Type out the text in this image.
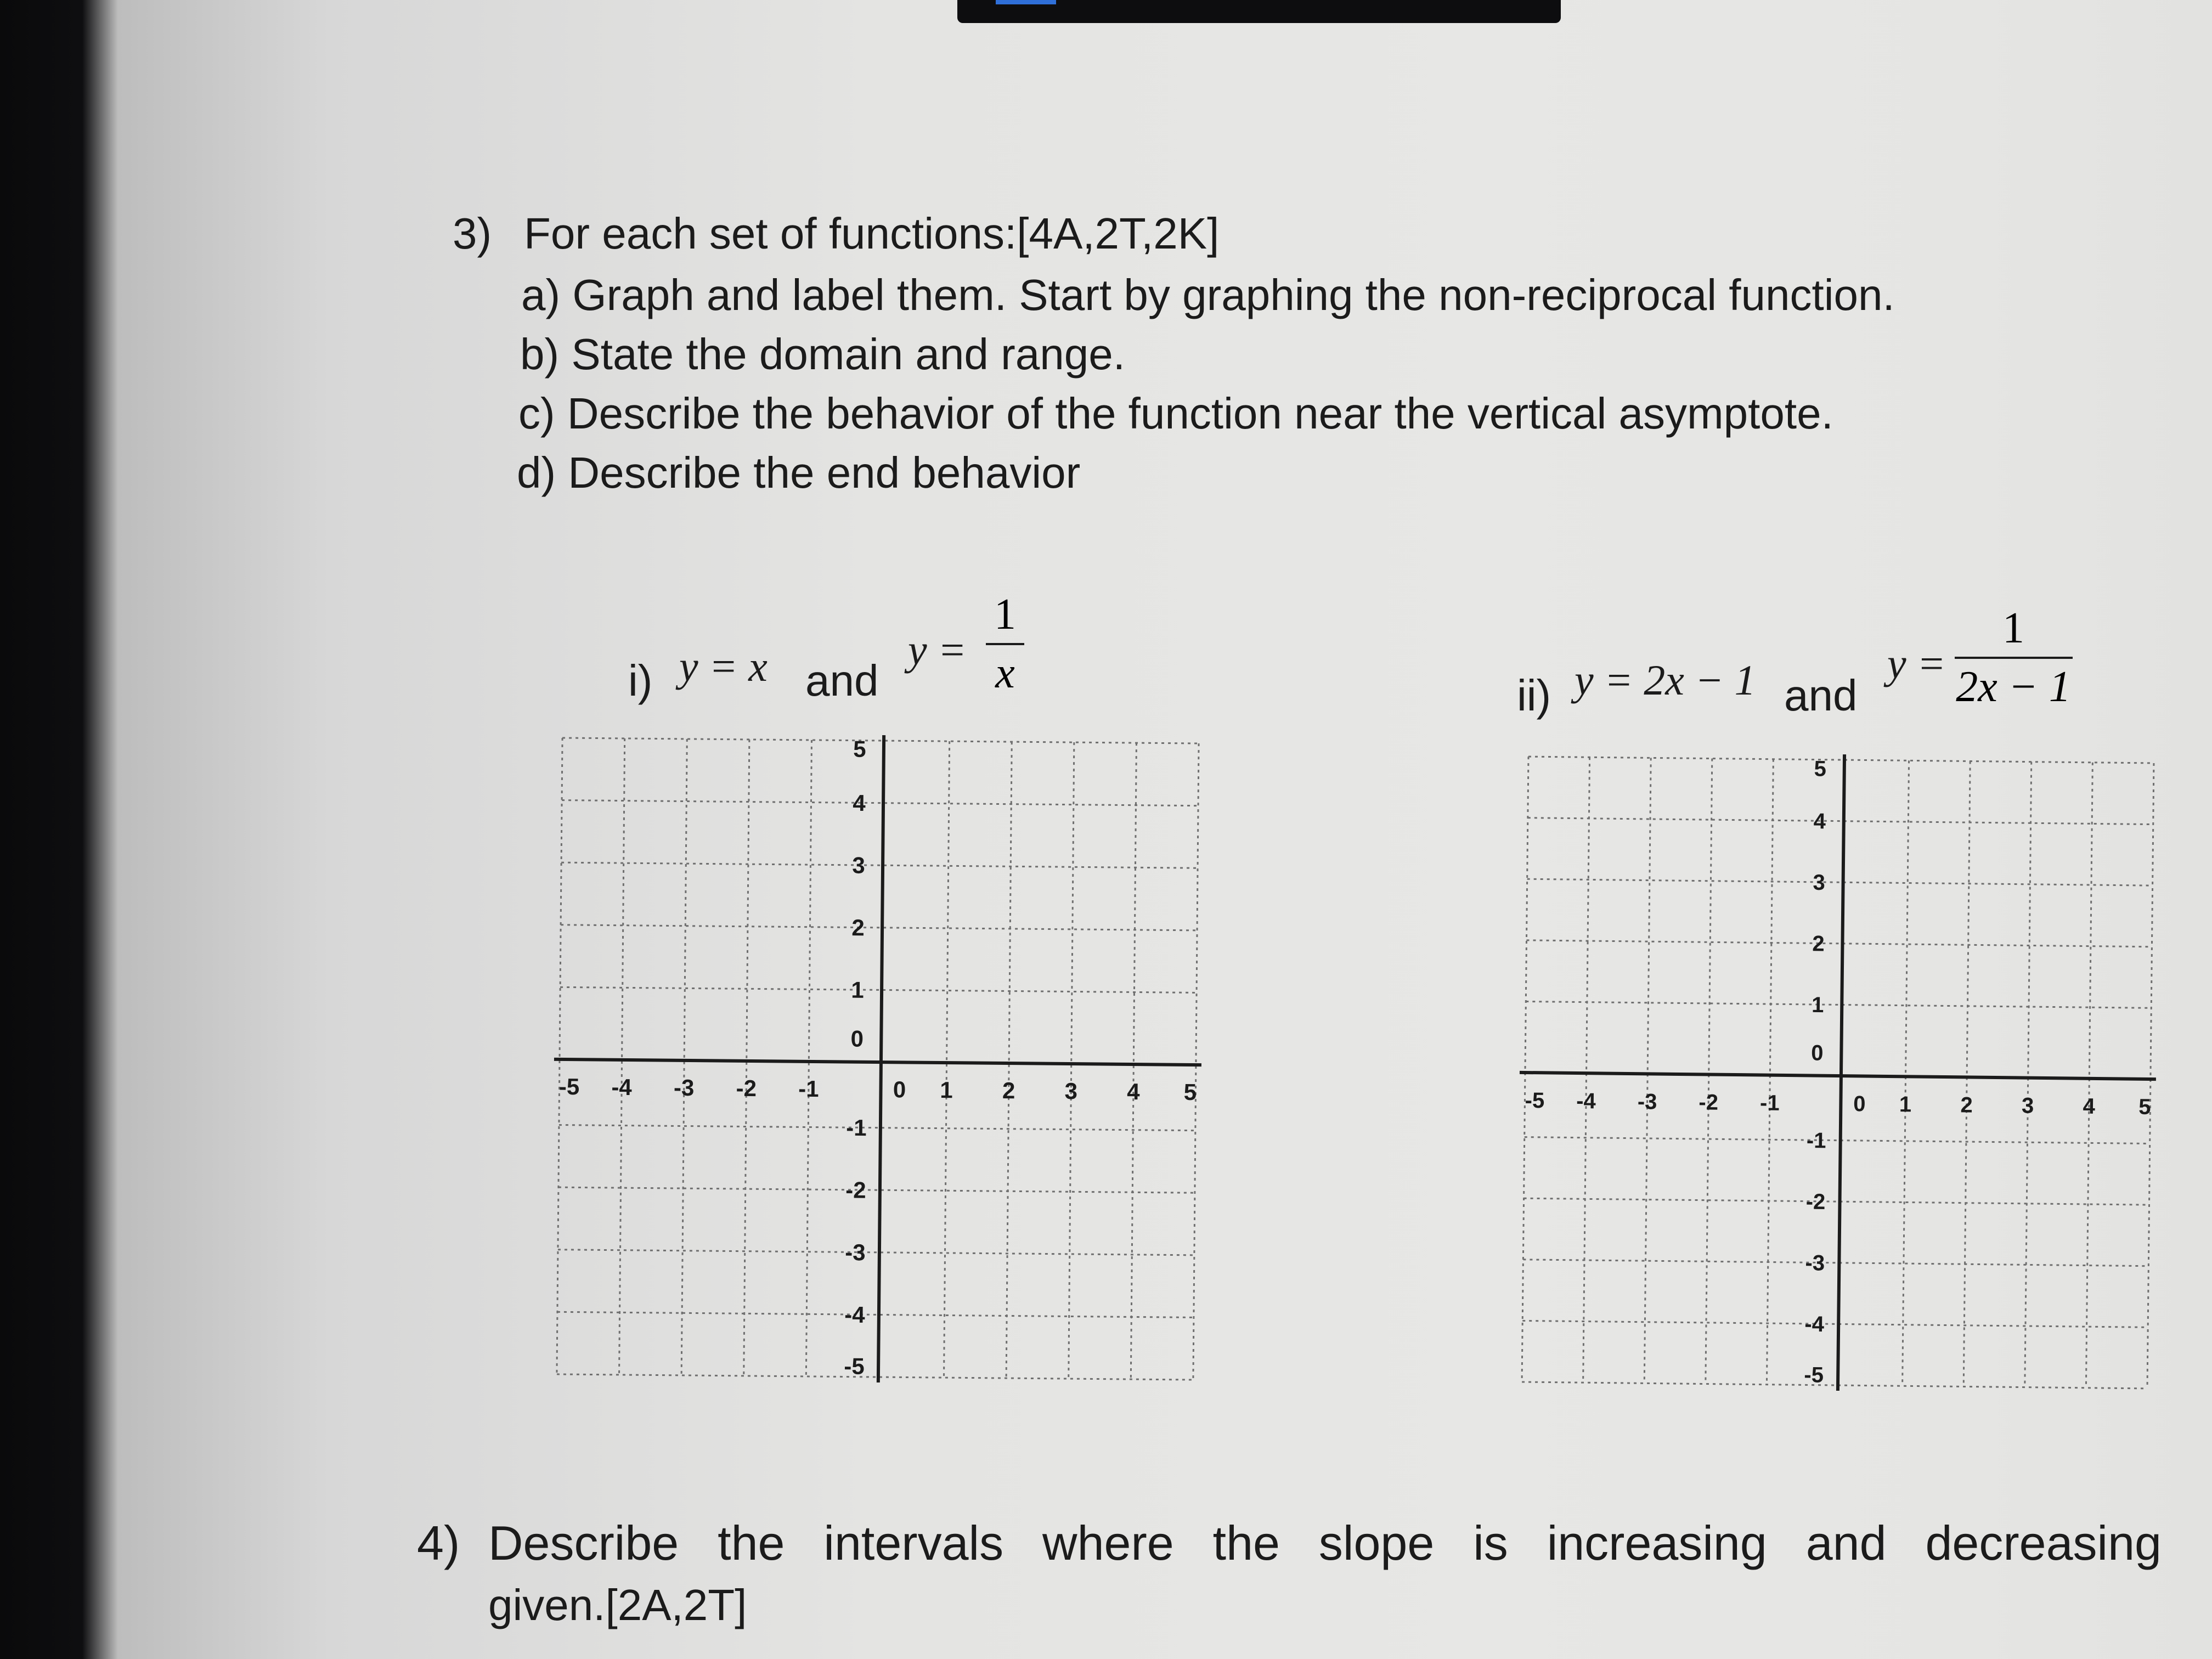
3) For each set of functions:[4A,2T,2K]
a) Graph and label them. Start by graphing the non-reciprocal function.
b) State the domain and range.
c) Describe the behavior of the function near the vertical asymptote.
d) Describe the end behavior
i) y = x and
y =
1
x	ii) y = 2x − 1 and
y =
1
2x − 1
-5 -4 -3 -2 -1	0 1 2 3 4 5
5
4
3
2
1
0
-1
-2
-3
-4
-5
-5 -4 -3 -2 -1	0 1 2 3 4 5
5
4
3
2
1
0
-1
-2
-3
-4
-5
4) Describe the intervals where the slope is increasing and decreasing
given.[2A,2T]
